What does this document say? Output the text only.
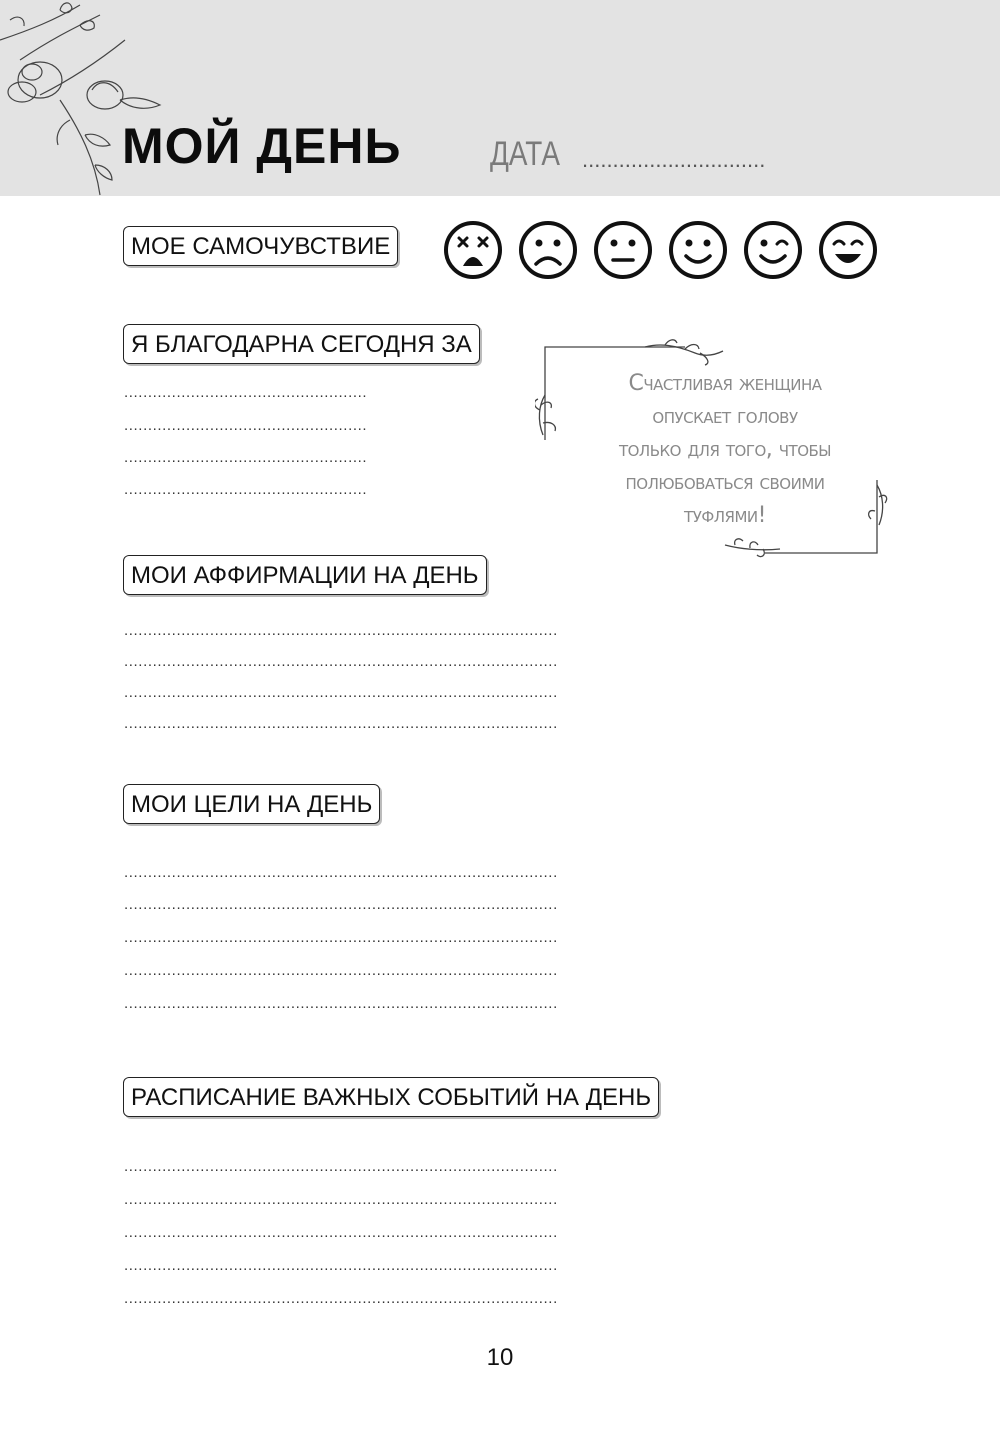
МОЙ ДЕНЬ	ДАТА ..............................
МОЕ САМОЧУВСТВИЕ
Я БЛАГОДАРНА СЕГОДНЯ ЗА
...................................................
...................................................
...................................................
...................................................
Счастливая женщина
опускает голову
только для того, чтобы
полюбоваться своими
туфлями!
МОИ АФФИРМАЦИИ НА ДЕНЬ
...........................................................................................
...........................................................................................
...........................................................................................
...........................................................................................
МОИ ЦЕЛИ НА ДЕНЬ
...........................................................................................
...........................................................................................
...........................................................................................
...........................................................................................
...........................................................................................
РАСПИСАНИЕ ВАЖНЫХ СОБЫТИЙ НА ДЕНЬ
...........................................................................................
...........................................................................................
...........................................................................................
...........................................................................................
...........................................................................................
10
